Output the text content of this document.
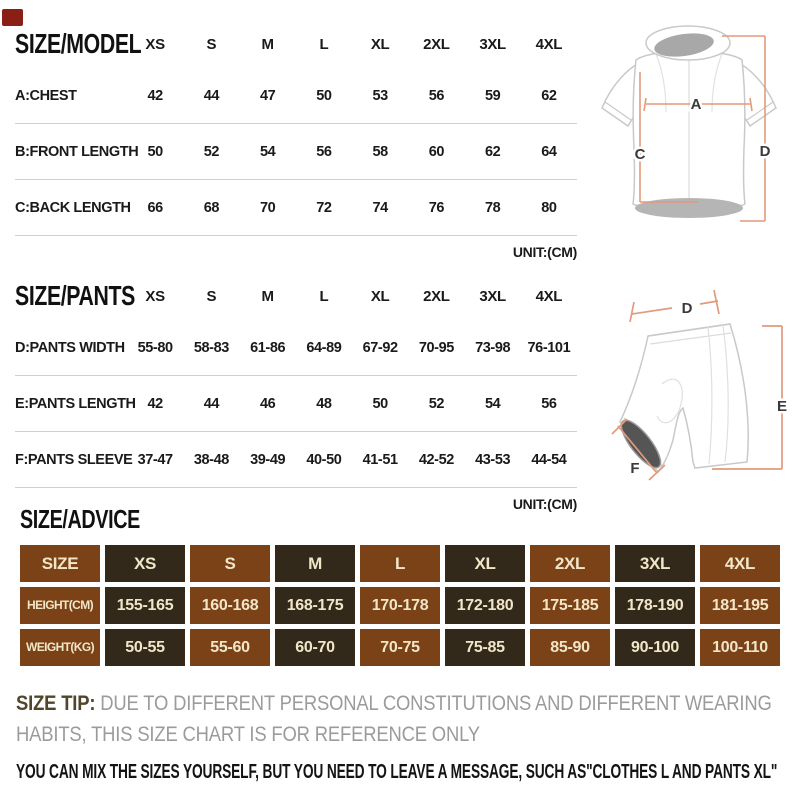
SIZE/MODEL XS	S	M	L	XL	2XL	3XL	4XL
A:CHEST	42	44	47	50	53	56	59	62
B:FRONT LENGTH 50	52	54	56	58	60	62	64
C:BACK LENGTH	66	68	70	72	74	76	78	80
UNIT:(CM)
A
C	D
SIZE/PANTS XS	S	M	L	XL	2XL	3XL	4XL
D:PANTS WIDTH 55-80	58-83	61-86	64-89	67-92	70-95	73-98	76-101
E:PANTS LENGTH 42	44	46	48	50	52	54	56
F:PANTS SLEEVE 37-47	38-48	39-49	40-50	41-51	42-52	43-53	44-54
UNIT:(CM)
D
E
F
SIZE/ADVICE
SIZE	XS	S	M	L	XL	2XL	3XL	4XL
HEIGHT(CM)	155-165	160-168	168-175	170-178	172-180	175-185	178-190	181-195
WEIGHT(KG)	50-55	55-60	60-70	70-75	75-85	85-90	90-100	100-110

SIZE TIP: DUE TO DIFFERENT PERSONAL CONSTITUTIONS AND DIFFERENT WEARING HABITS, THIS SIZE CHART IS FOR REFERENCE ONLY

YOU CAN MIX THE SIZES YOURSELF, BUT YOU NEED TO LEAVE A MESSAGE, SUCH AS"CLOTHES L AND PANTS XL"
